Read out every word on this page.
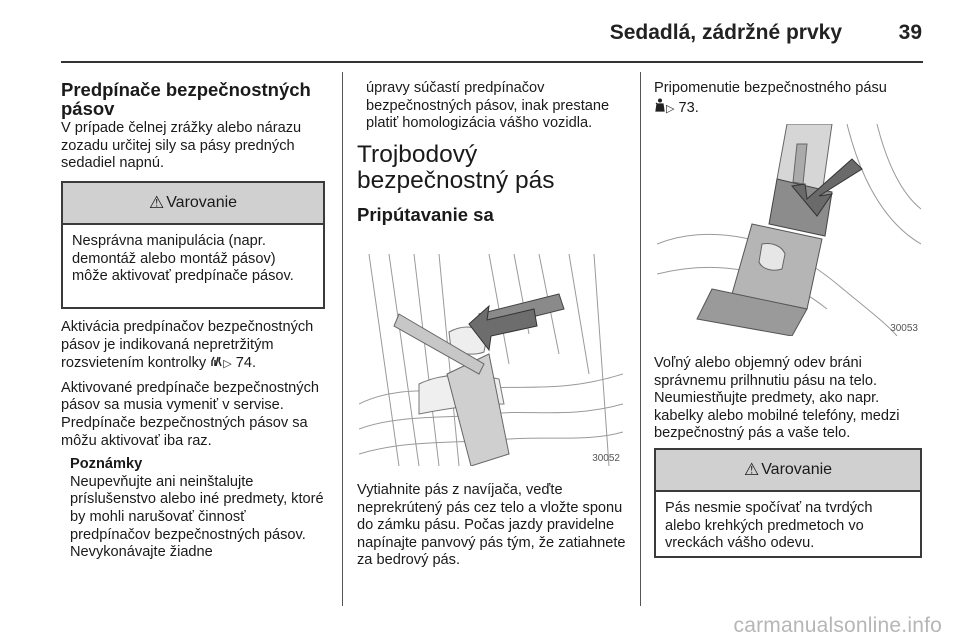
Sedadlá, zádržné prvky	39
Predpínače bezpečnostných pásov

V prípade čelnej zrážky alebo nárazu zozadu určitej sily sa pásy predných sedadiel napnú.

⚠ Varovanie
Nesprávna manipulácia (napr. demontáž alebo montáž pásov) môže aktivovať predpínače pásov.

Aktivácia predpínačov bezpečnostných pásov je indikovaná nepretržitým rozsvietením kontrolky ▷ 74.

Aktivované predpínače bezpečnostných pásov sa musia vymeniť v servise. Predpínače bezpečnostných pásov sa môžu aktivovať iba raz.

Poznámky

Neupevňujte ani neinštalujte príslušenstvo alebo iné predmety, ktoré by mohli narušovať činnosť predpínačov bezpečnostných pásov. Nevykonávajte žiadne

úpravy súčastí predpínačov bezpečnostných pásov, inak prestane platiť homologizácia vášho vozidla.

Trojbodový bezpečnostný pás
Pripútavanie sa
30052

Vytiahnite pás z navíjača, veďte neprekrútený pás cez telo a vložte sponu do zámku pásu. Počas jazdy pravidelne napínajte panvový pás tým, že zatiahnete za bedrový pás.

Pripomenutie bezpečnostného pásu
▷ 73.

30053

Voľný alebo objemný odev bráni správnemu prilhnutiu pásu na telo. Neumiestňujte predmety, ako napr. kabelky alebo mobilné telefóny, medzi bezpečnostný pás a vaše telo.

⚠ Varovanie
Pás nesmie spočívať na tvrdých alebo krehkých predmetoch vo vreckách vášho odevu.
carmanualsonline.info
